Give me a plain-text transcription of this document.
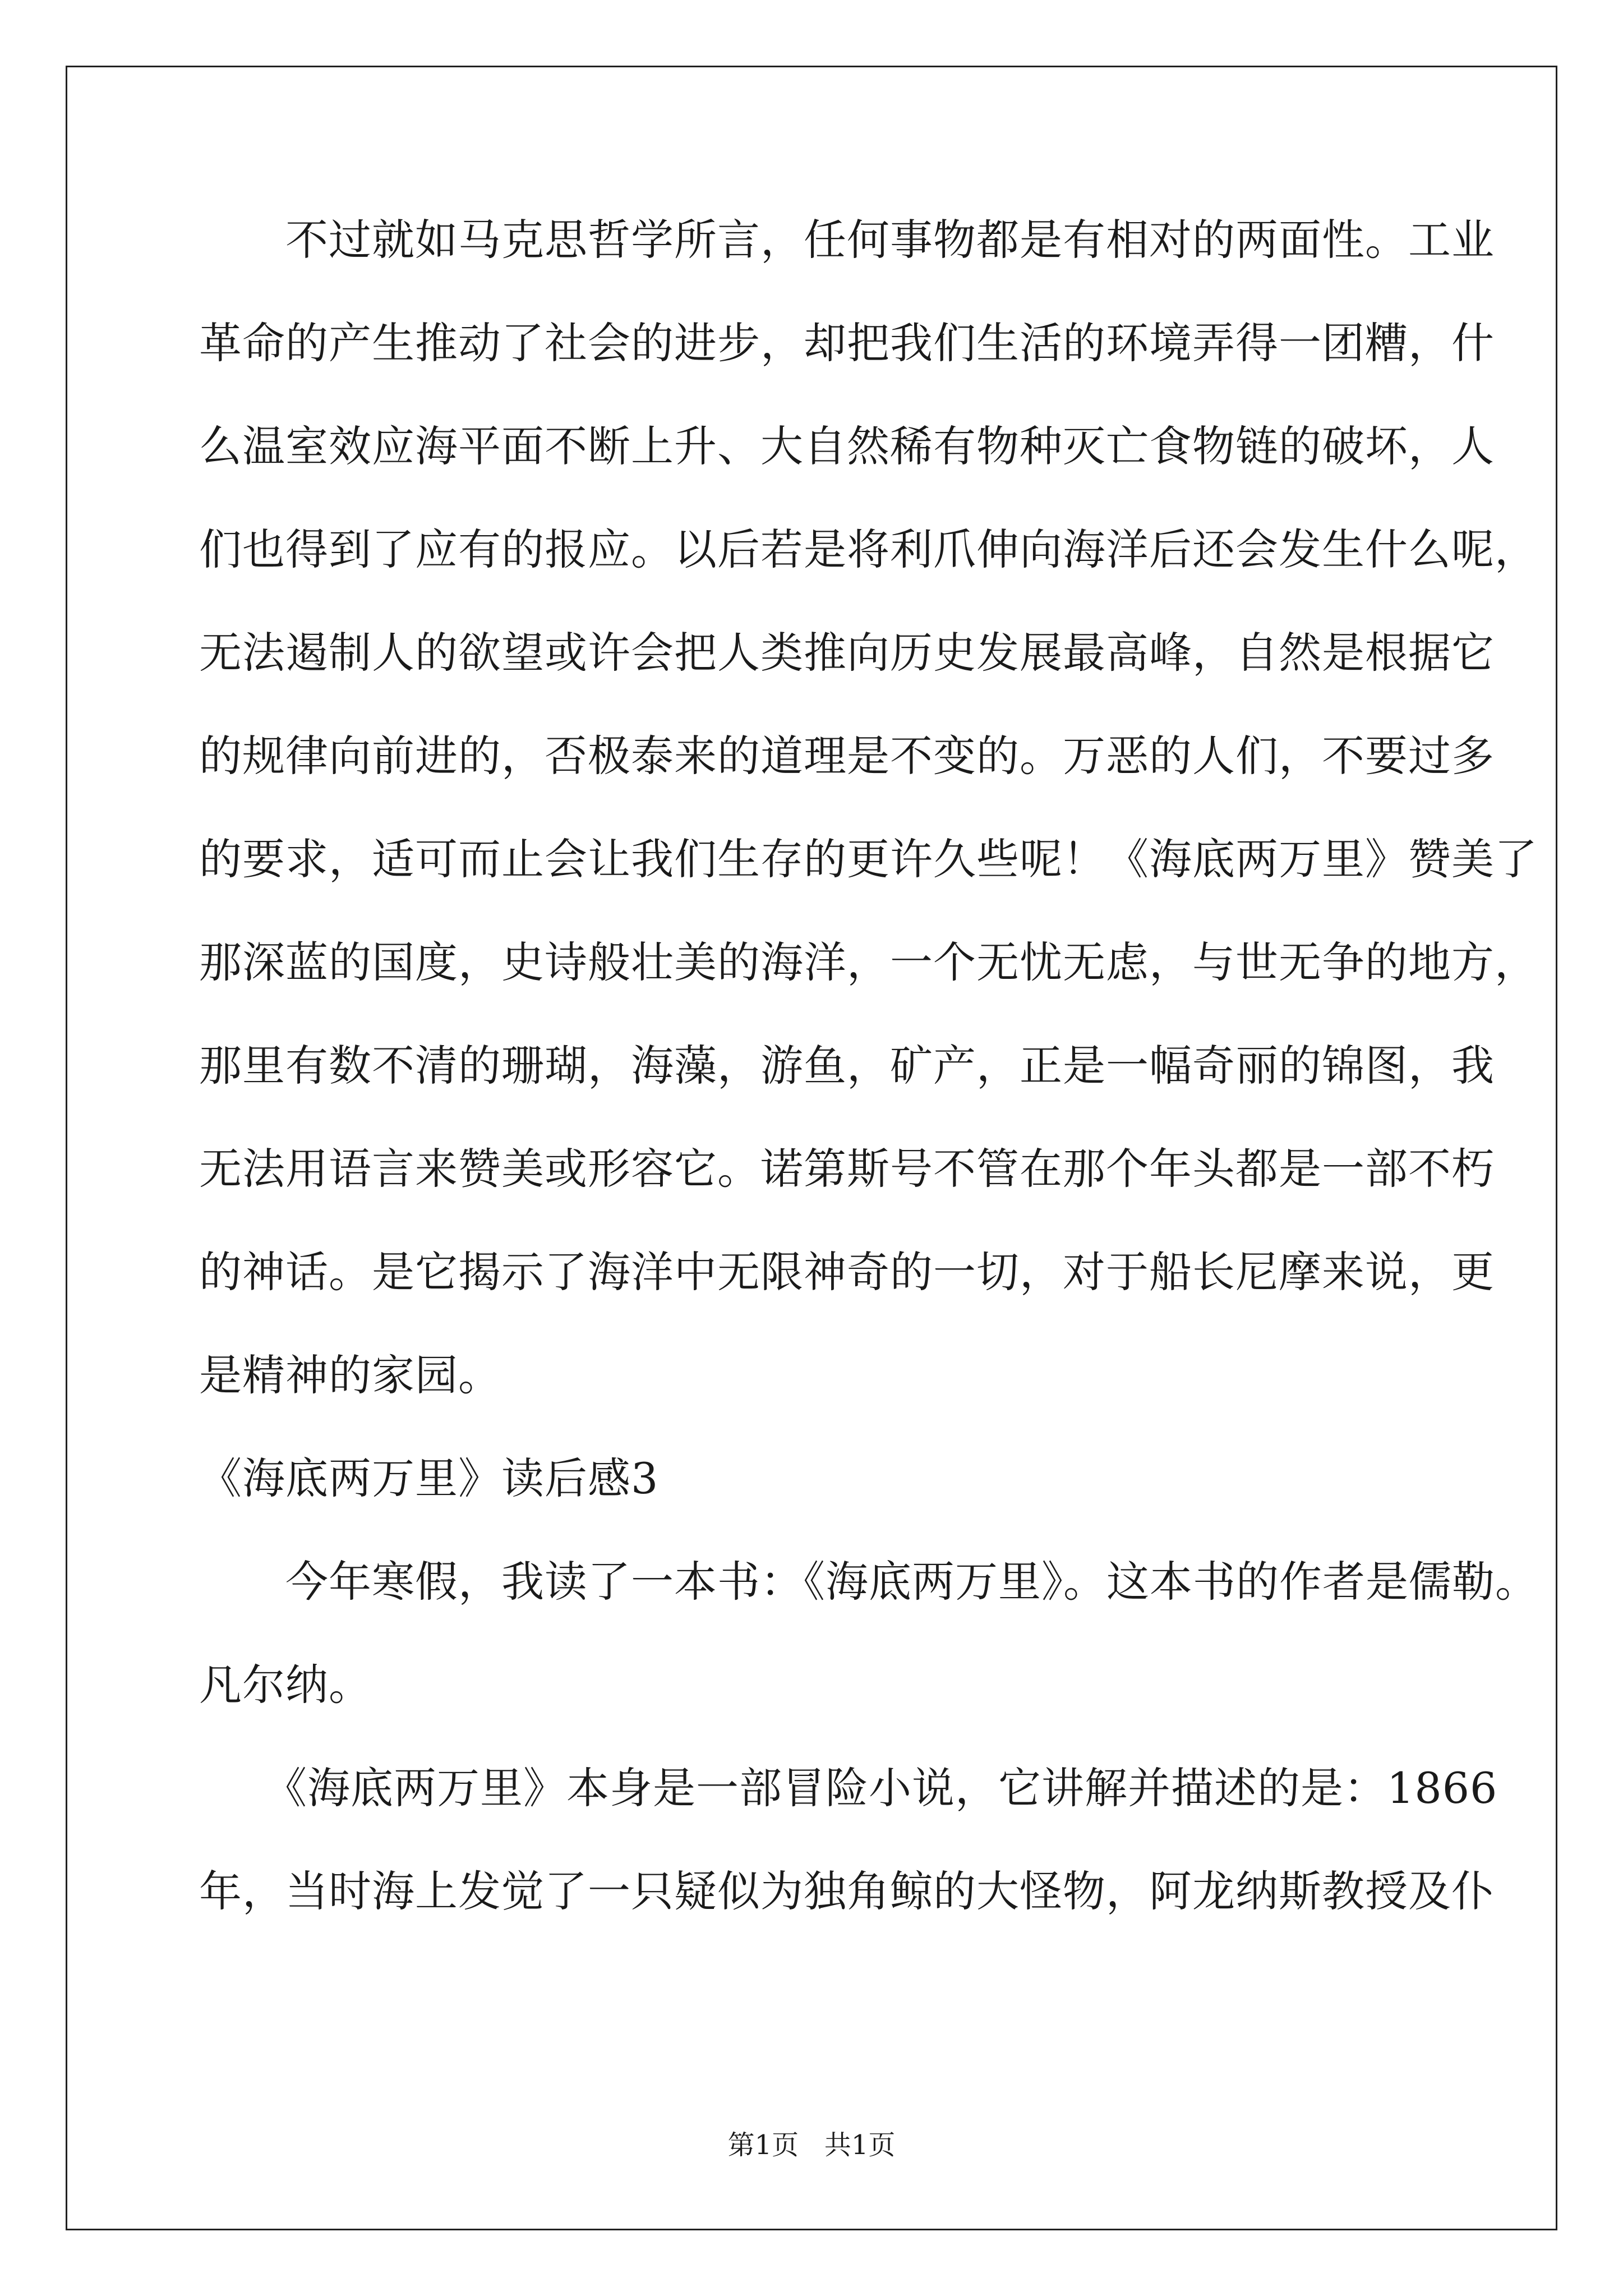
　　不过就如马克思哲学所言，任何事物都是有相对的两面性。工业
革命的产生推动了社会的进步，却把我们生活的环境弄得一团糟，什
么温室效应海平面不断上升、大自然稀有物种灭亡食物链的破坏，人
们也得到了应有的报应。以后若是将利爪伸向海洋后还会发生什么呢，
无法遏制人的欲望或许会把人类推向历史发展最高峰，自然是根据它
的规律向前进的，否极泰来的道理是不变的。万恶的人们，不要过多
的要求，适可而止会让我们生存的更许久些呢！《海底两万里》赞美了
那深蓝的国度，史诗般壮美的海洋，一个无忧无虑，与世无争的地方，
那里有数不清的珊瑚，海藻，游鱼，矿产，正是一幅奇丽的锦图，我
无法用语言来赞美或形容它。诺第斯号不管在那个年头都是一部不朽
的神话。是它揭示了海洋中无限神奇的一切，对于船长尼摩来说，更
是精神的家园。
《海底两万里》读后感3
　　今年寒假，我读了一本书：《海底两万里》。这本书的作者是儒勒。
凡尔纳。
　　《海底两万里》本身是一部冒险小说，它讲解并描述的是：1866
年，当时海上发觉了一只疑似为独角鲸的大怪物，阿龙纳斯教授及仆
第1页   共1页
